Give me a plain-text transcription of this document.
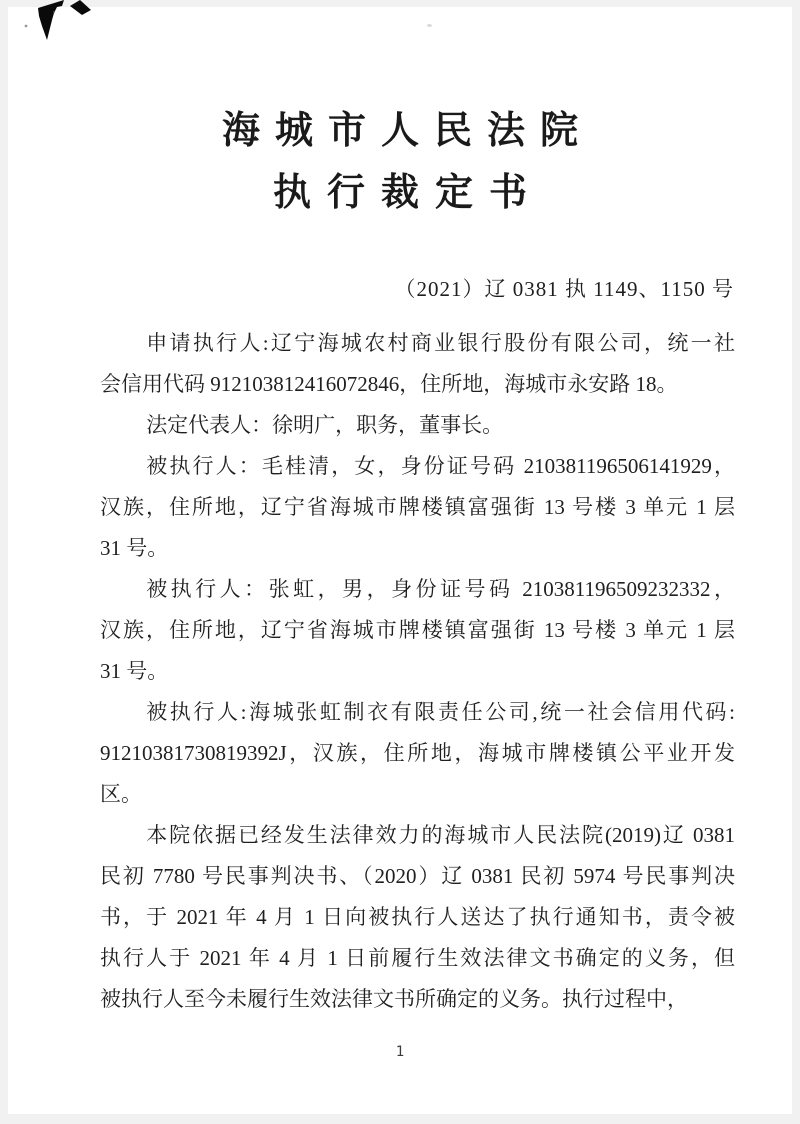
海城市人民法院
执行裁定书
（2021）辽 0381 执 1149、1150 号
申请执行人:辽宁海城农村商业银行股份有限公司，统一社
会信用代码 912103812416072846，住所地，海城市永安路 18。
法定代表人：徐明广，职务，董事长。
被执行人：毛桂清，女，身份证号码 210381196506141929，
汉族，住所地，辽宁省海城市牌楼镇富强街 13 号楼 3 单元 1 层
31 号。
被执行人：张虹，男，身份证号码 210381196509232332，
汉族，住所地，辽宁省海城市牌楼镇富强街 13 号楼 3 单元 1 层
31 号。
被执行人:海城张虹制衣有限责任公司,统一社会信用代码:
91210381730819392J，汉族，住所地，海城市牌楼镇公平业开发
区。
本院依据已经发生法律效力的海城市人民法院(2019)辽 0381
民初 7780 号民事判决书、（2020）辽 0381 民初 5974 号民事判决
书，于 2021 年 4 月 1 日向被执行人送达了执行通知书，责令被
执行人于 2021 年 4 月 1 日前履行生效法律文书确定的义务，但
被执行人至今未履行生效法律文书所确定的义务。执行过程中，
1
